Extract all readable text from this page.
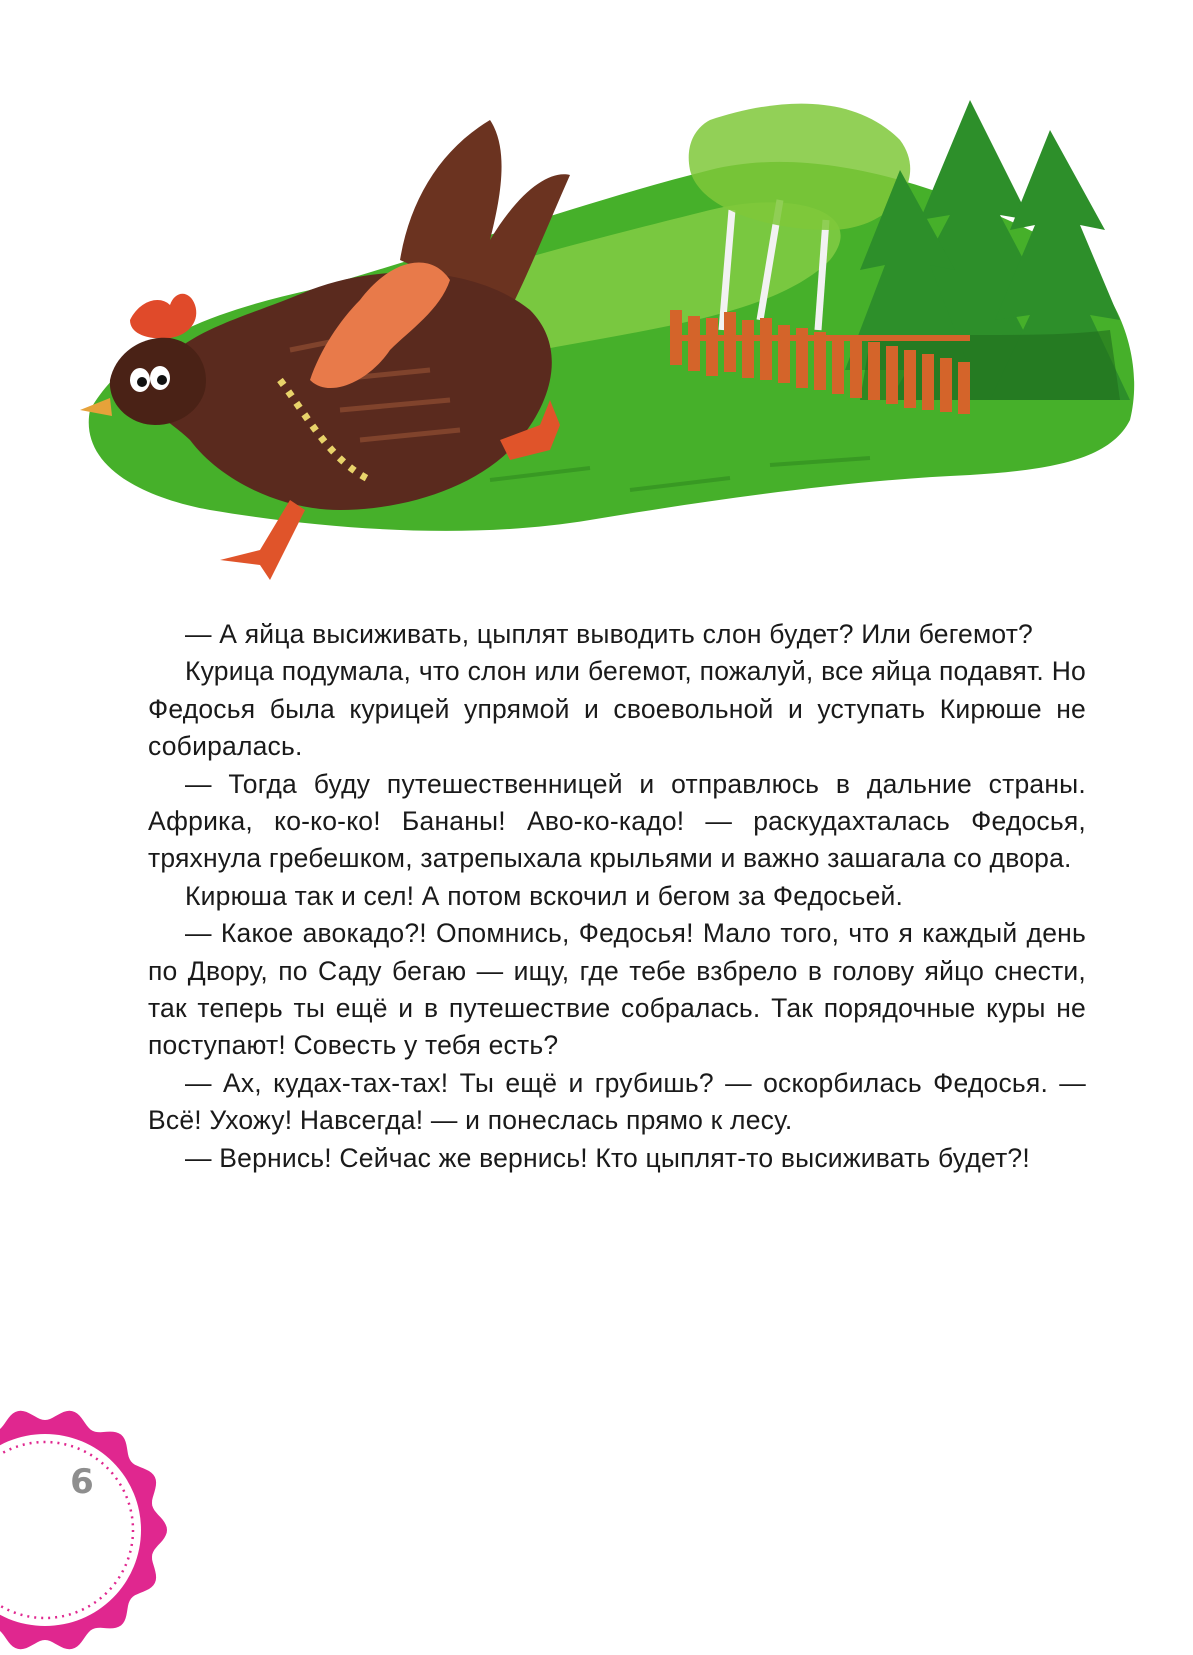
— А яйца высиживать, цыплят выводить слон будет? Или бегемот?

Курица подумала, что слон или бегемот, пожалуй, все яйца подавят. Но Федосья была курицей упрямой и своевольной и уступать Кирюше не собиралась.

— Тогда буду путешественницей и отправлюсь в дальние страны. Африка, ко-ко-ко! Бананы! Аво-ко-кадо! — раскудахталась Федосья, тряхнула гребешком, затрепыхала крыльями и важно зашагала со двора.

Кирюша так и сел! А потом вскочил и бегом за Федосьей.

— Какое авокадо?! Опомнись, Федосья! Мало того, что я каждый день по Двору, по Саду бегаю — ищу, где тебе взбрело в голову яйцо снести, так теперь ты ещё и в путешествие собралась. Так порядочные куры не поступают! Совесть у тебя есть?

— Ах, кудах-тах-тах! Ты ещё и грубишь? — оскорбилась Федосья. — Всё! Ухожу! Навсегда! — и понеслась прямо к лесу.

— Вернись! Сейчас же вернись! Кто цыплят-то высиживать будет?!

6
